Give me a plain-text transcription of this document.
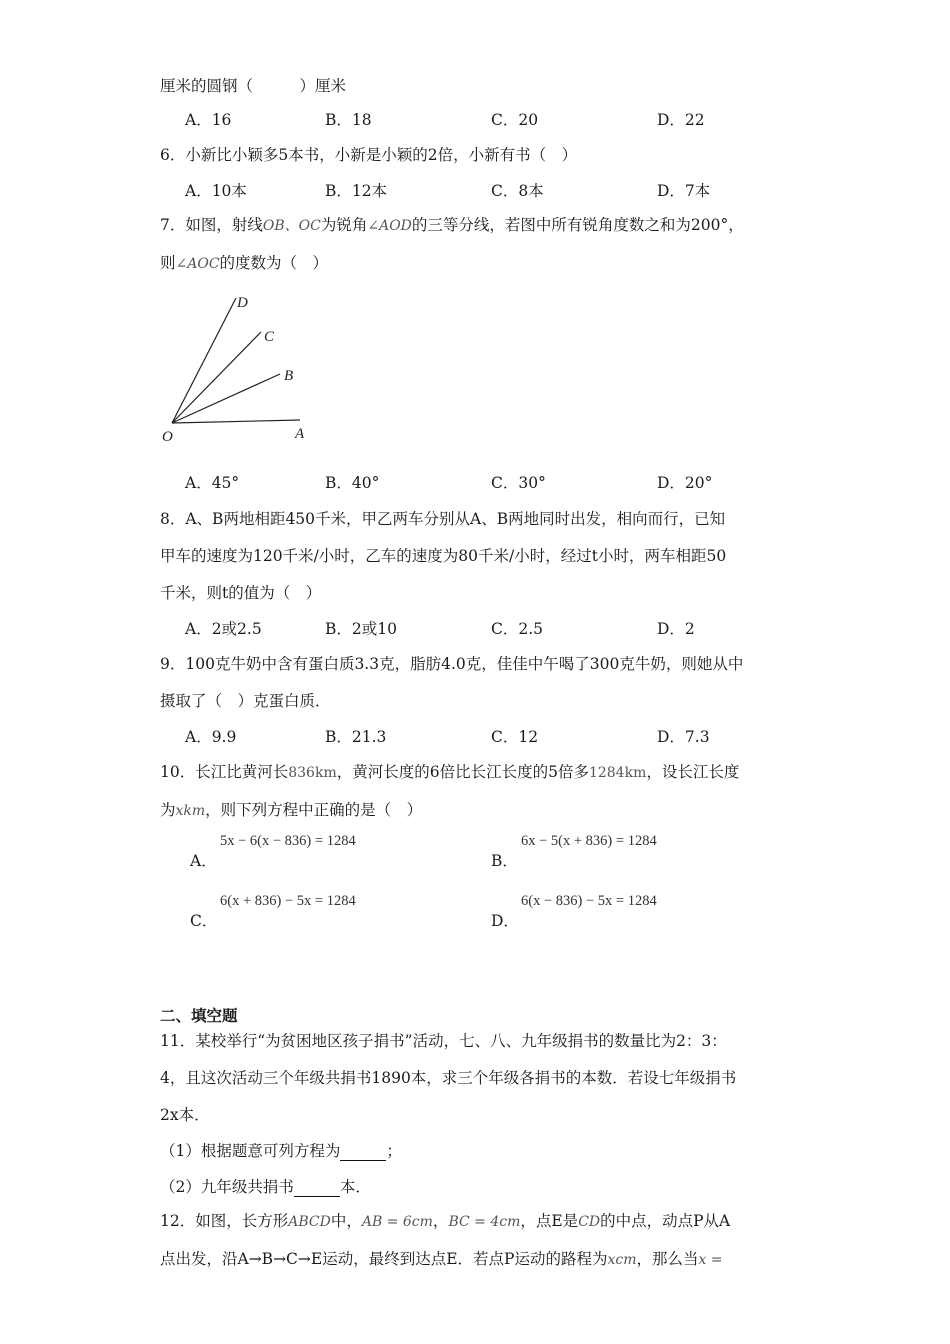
厘米的圆钢（　　　）厘米
A．16	B．18	C．20	D．22
6．小新比小颖多5本书，小新是小颖的2倍，小新有书（　）
A．10本	B．12本	C．8本	D．7本
7．如图，射线OB、OC为锐角∠AOD的三等分线，若图中所有锐角度数之和为200°，
则∠AOC的度数为（　）
D
C
B
O	A
A．45°	B．40°	C．30°	D．20°
8．A、B两地相距450千米，甲乙两车分别从A、B两地同时出发，相向而行，已知
甲车的速度为120千米/小时，乙车的速度为80千米/小时，经过t小时，两车相距50
千米，则t的值为（　）
A．2或2.5	B．2或10	C．2.5	D．2
9．100克牛奶中含有蛋白质3.3克，脂肪4.0克，佳佳中午喝了300克牛奶，则她从中
摄取了（　）克蛋白质．
A．9.9	B．21.3	C．12	D．7.3
10．长江比黄河长836km，黄河长度的6倍比长江长度的5倍多1284km，设长江长度
为xkm，则下列方程中正确的是（　）
5x − 6(x − 836) = 1284
A．
6x − 5(x + 836) = 1284
B．
6(x + 836) − 5x = 1284
C．
6(x − 836) − 5x = 1284
D．
二、填空题
11．某校举行“为贫困地区孩子捐书”活动，七、八、九年级捐书的数量比为2：3：
4，且这次活动三个年级共捐书1890本，求三个年级各捐书的本数．若设七年级捐书
2x本．
（1）根据题意可列方程为	；
（2）九年级共捐书	本．
12．如图，长方形ABCD中，AB = 6cm，BC = 4cm，点E是CD的中点，动点P从A
点出发，沿A→B→C→E运动，最终到达点E．若点P运动的路程为xcm，那么当x =
